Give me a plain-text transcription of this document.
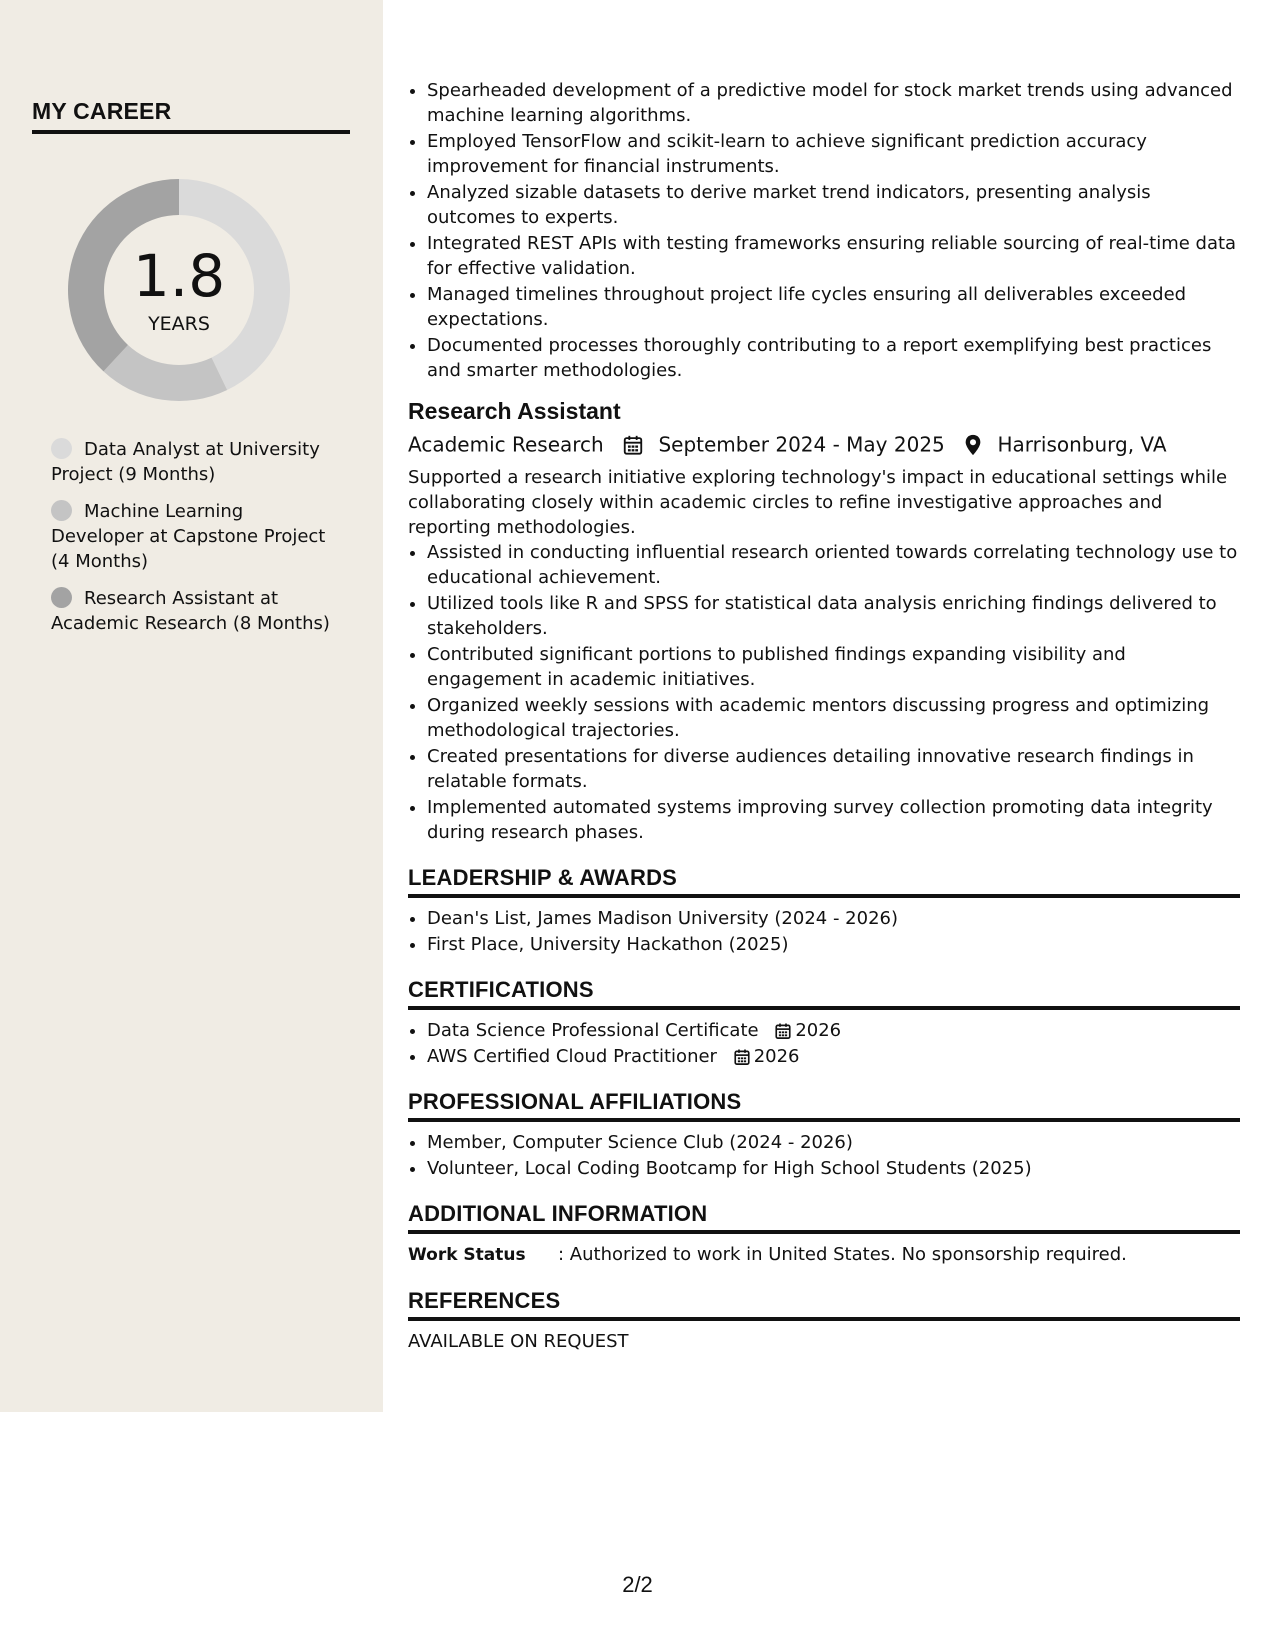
MY CAREER
1.8
YEARS
Data Analyst at University Project (9 Months)
Machine Learning Developer at Capstone Project (4 Months)
Research Assistant at Academic Research (8 Months)
• Spearheaded development of a predictive model for stock market trends using advanced machine learning algorithms.
• Employed TensorFlow and scikit-learn to achieve significant prediction accuracy improvement for financial instruments.
• Analyzed sizable datasets to derive market trend indicators, presenting analysis outcomes to experts.
• Integrated REST APIs with testing frameworks ensuring reliable sourcing of real-time data for effective validation.
• Managed timelines throughout project life cycles ensuring all deliverables exceeded expectations.
• Documented processes thoroughly contributing to a report exemplifying best practices and smarter methodologies.
Research Assistant
Academic Research	September 2024 - May 2025	Harrisonburg, VA
Supported a research initiative exploring technology's impact in educational settings while collaborating closely within academic circles to refine investigative approaches and reporting methodologies.
• Assisted in conducting influential research oriented towards correlating technology use to educational achievement.
• Utilized tools like R and SPSS for statistical data analysis enriching findings delivered to stakeholders.
• Contributed significant portions to published findings expanding visibility and engagement in academic initiatives.
• Organized weekly sessions with academic mentors discussing progress and optimizing methodological trajectories.
• Created presentations for diverse audiences detailing innovative research findings in relatable formats.
• Implemented automated systems improving survey collection promoting data integrity during research phases.
LEADERSHIP & AWARDS
• Dean's List, James Madison University (2024 - 2026)
• First Place, University Hackathon (2025)
CERTIFICATIONS
• Data Science Professional Certificate 2026
• AWS Certified Cloud Practitioner 2026
PROFESSIONAL AFFILIATIONS
• Member, Computer Science Club (2024 - 2026)
• Volunteer, Local Coding Bootcamp for High School Students (2025)
ADDITIONAL INFORMATION
Work Status : Authorized to work in United States. No sponsorship required.
REFERENCES
AVAILABLE ON REQUEST
2/2
